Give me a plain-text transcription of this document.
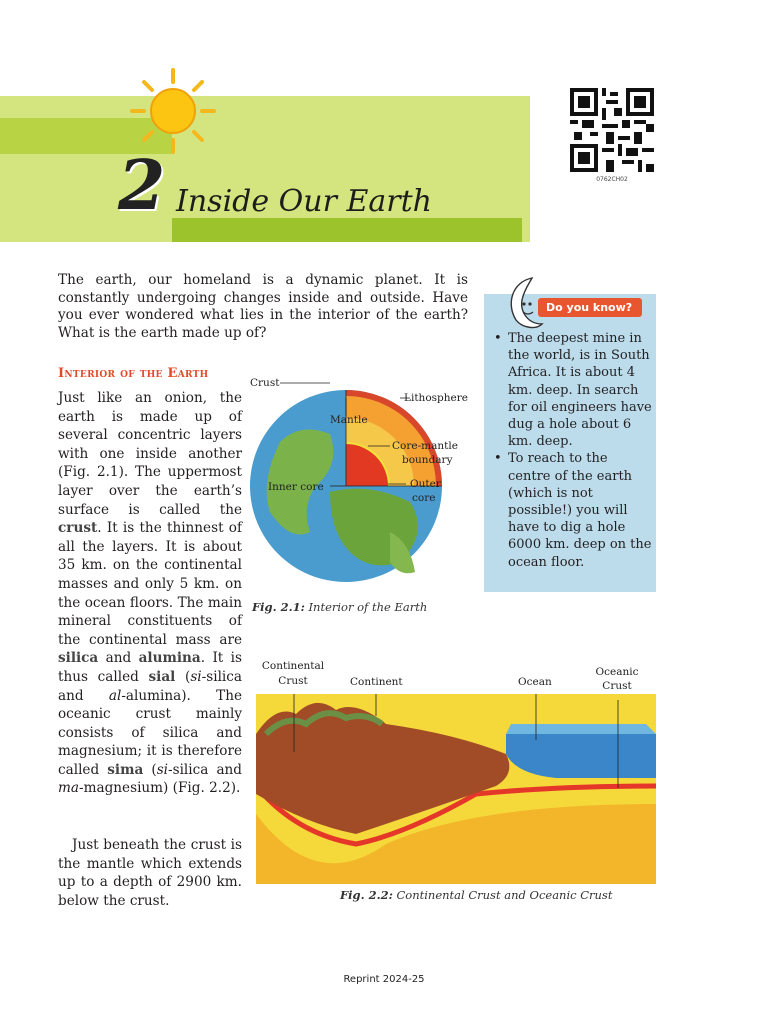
2 Inside Our Earth
0762CH02
The earth, our homeland is a dynamic planet. It is constantly undergoing changes inside and outside. Have you ever wondered what lies in the interior of the earth? What is the earth made up of?
Do you know?
• The deepest mine in the world, is in South Africa. It is about 4 km. deep. In search for oil engineers have dug a hole about 6 km. deep.
• To reach to the centre of the earth (which is not possible!) you will have to dig a hole 6000 km. deep on the ocean floor.
Interior of the Earth
Just like an onion, the earth is made up of several concentric layers with one inside another (Fig. 2.1). The uppermost layer over the earth’s surface is called the crust. It is the thinnest of all the layers. It is about 35 km. on the continental masses and only 5 km. on the ocean floors. The main mineral constituents of the continental mass are silica and alumina. It is thus called sial (si-silica and al-alumina). The oceanic crust mainly consists of silica and magnesium; it is therefore called sima (si-silica and ma-magnesium) (Fig. 2.2).
Just beneath the crust is the mantle which extends up to a depth of 2900 km. below the crust.
Crust
Lithosphere
Mantle
Core-mantle
boundary
Inner core	Outer
core
Fig. 2.1: Interior of the Earth
Continental
Crust	Continent	Ocean
Oceanic
Crust
Fig. 2.2: Continental Crust and Oceanic Crust
Reprint 2024-25
